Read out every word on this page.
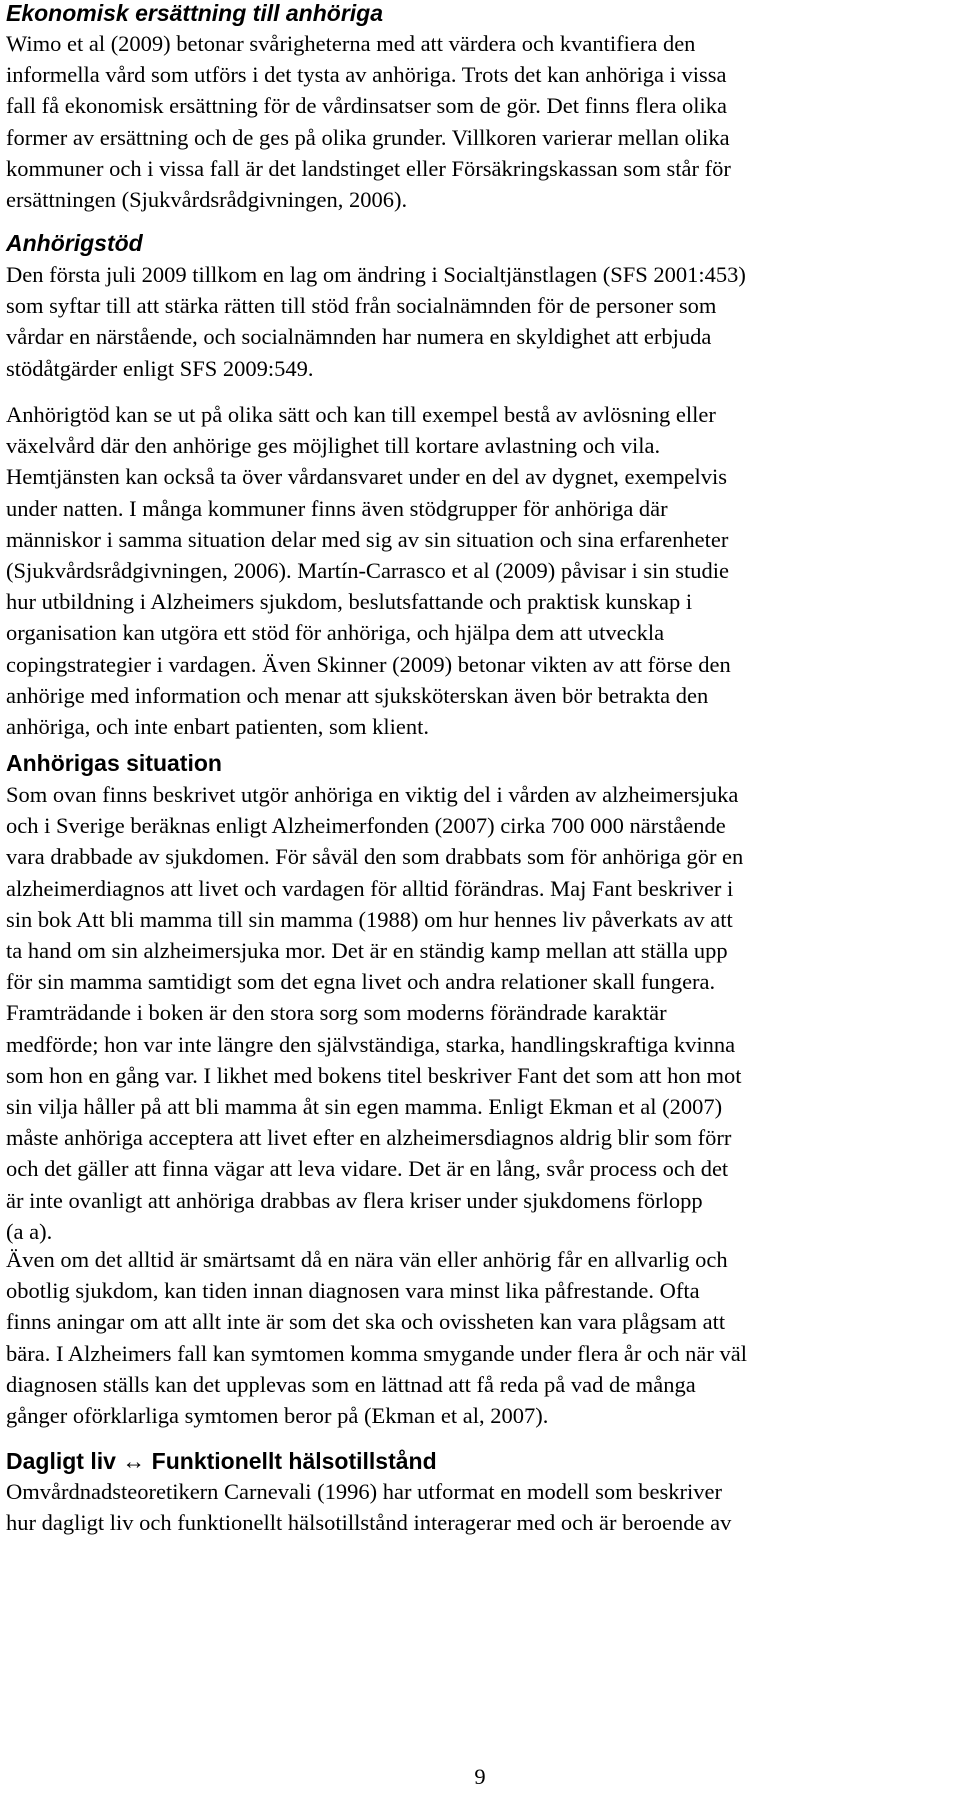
Ekonomisk ersättning till anhöriga

Wimo et al (2009) betonar svårigheterna med att värdera och kvantifiera den
informella vård som utförs i det tysta av anhöriga. Trots det kan anhöriga i vissa
fall få ekonomisk ersättning för de vårdinsatser som de gör. Det finns flera olika
former av ersättning och de ges på olika grunder. Villkoren varierar mellan olika
kommuner och i vissa fall är det landstinget eller Försäkringskassan som står för
ersättningen (Sjukvårdsrådgivningen, 2006).

Anhörigstöd

Den första juli 2009 tillkom en lag om ändring i Socialtjänstlagen (SFS 2001:453)
som syftar till att stärka rätten till stöd från socialnämnden för de personer som
vårdar en närstående, och socialnämnden har numera en skyldighet att erbjuda
stödåtgärder enligt SFS 2009:549.

Anhörigtöd kan se ut på olika sätt och kan till exempel bestå av avlösning eller
växelvård där den anhörige ges möjlighet till kortare avlastning och vila.
Hemtjänsten kan också ta över vårdansvaret under en del av dygnet, exempelvis
under natten. I många kommuner finns även stödgrupper för anhöriga där
människor i samma situation delar med sig av sin situation och sina erfarenheter
(Sjukvårdsrådgivningen, 2006). Martín-Carrasco et al (2009) påvisar i sin studie
hur utbildning i Alzheimers sjukdom, beslutsfattande och praktisk kunskap i
organisation kan utgöra ett stöd för anhöriga, och hjälpa dem att utveckla
copingstrategier i vardagen. Även Skinner (2009) betonar vikten av att förse den
anhörige med information och menar att sjuksköterskan även bör betrakta den
anhöriga, och inte enbart patienten, som klient.

Anhörigas situation

Som ovan finns beskrivet utgör anhöriga en viktig del i vården av alzheimersjuka
och i Sverige beräknas enligt Alzheimerfonden (2007) cirka 700 000 närstående
vara drabbade av sjukdomen. För såväl den som drabbats som för anhöriga gör en
alzheimerdiagnos att livet och vardagen för alltid förändras. Maj Fant beskriver i
sin bok Att bli mamma till sin mamma (1988) om hur hennes liv påverkats av att
ta hand om sin alzheimersjuka mor. Det är en ständig kamp mellan att ställa upp
för sin mamma samtidigt som det egna livet och andra relationer skall fungera.
Framträdande i boken är den stora sorg som moderns förändrade karaktär
medförde; hon var inte längre den självständiga, starka, handlingskraftiga kvinna
som hon en gång var. I likhet med bokens titel beskriver Fant det som att hon mot
sin vilja håller på att bli mamma åt sin egen mamma. Enligt Ekman et al (2007)
måste anhöriga acceptera att livet efter en alzheimersdiagnos aldrig blir som förr
och det gäller att finna vägar att leva vidare. Det är en lång, svår process och det
är inte ovanligt att anhöriga drabbas av flera kriser under sjukdomens förlopp
(a a).

Även om det alltid är smärtsamt då en nära vän eller anhörig får en allvarlig och
obotlig sjukdom, kan tiden innan diagnosen vara minst lika påfrestande. Ofta
finns aningar om att allt inte är som det ska och ovissheten kan vara plågsam att
bära. I Alzheimers fall kan symtomen komma smygande under flera år och när väl
diagnosen ställs kan det upplevas som en lättnad att få reda på vad de många
gånger oförklarliga symtomen beror på (Ekman et al, 2007).

Dagligt liv ↔ Funktionellt hälsotillstånd

Omvårdnadsteoretikern Carnevali (1996) har utformat en modell som beskriver
hur dagligt liv och funktionellt hälsotillstånd interagerar med och är beroende av

9
